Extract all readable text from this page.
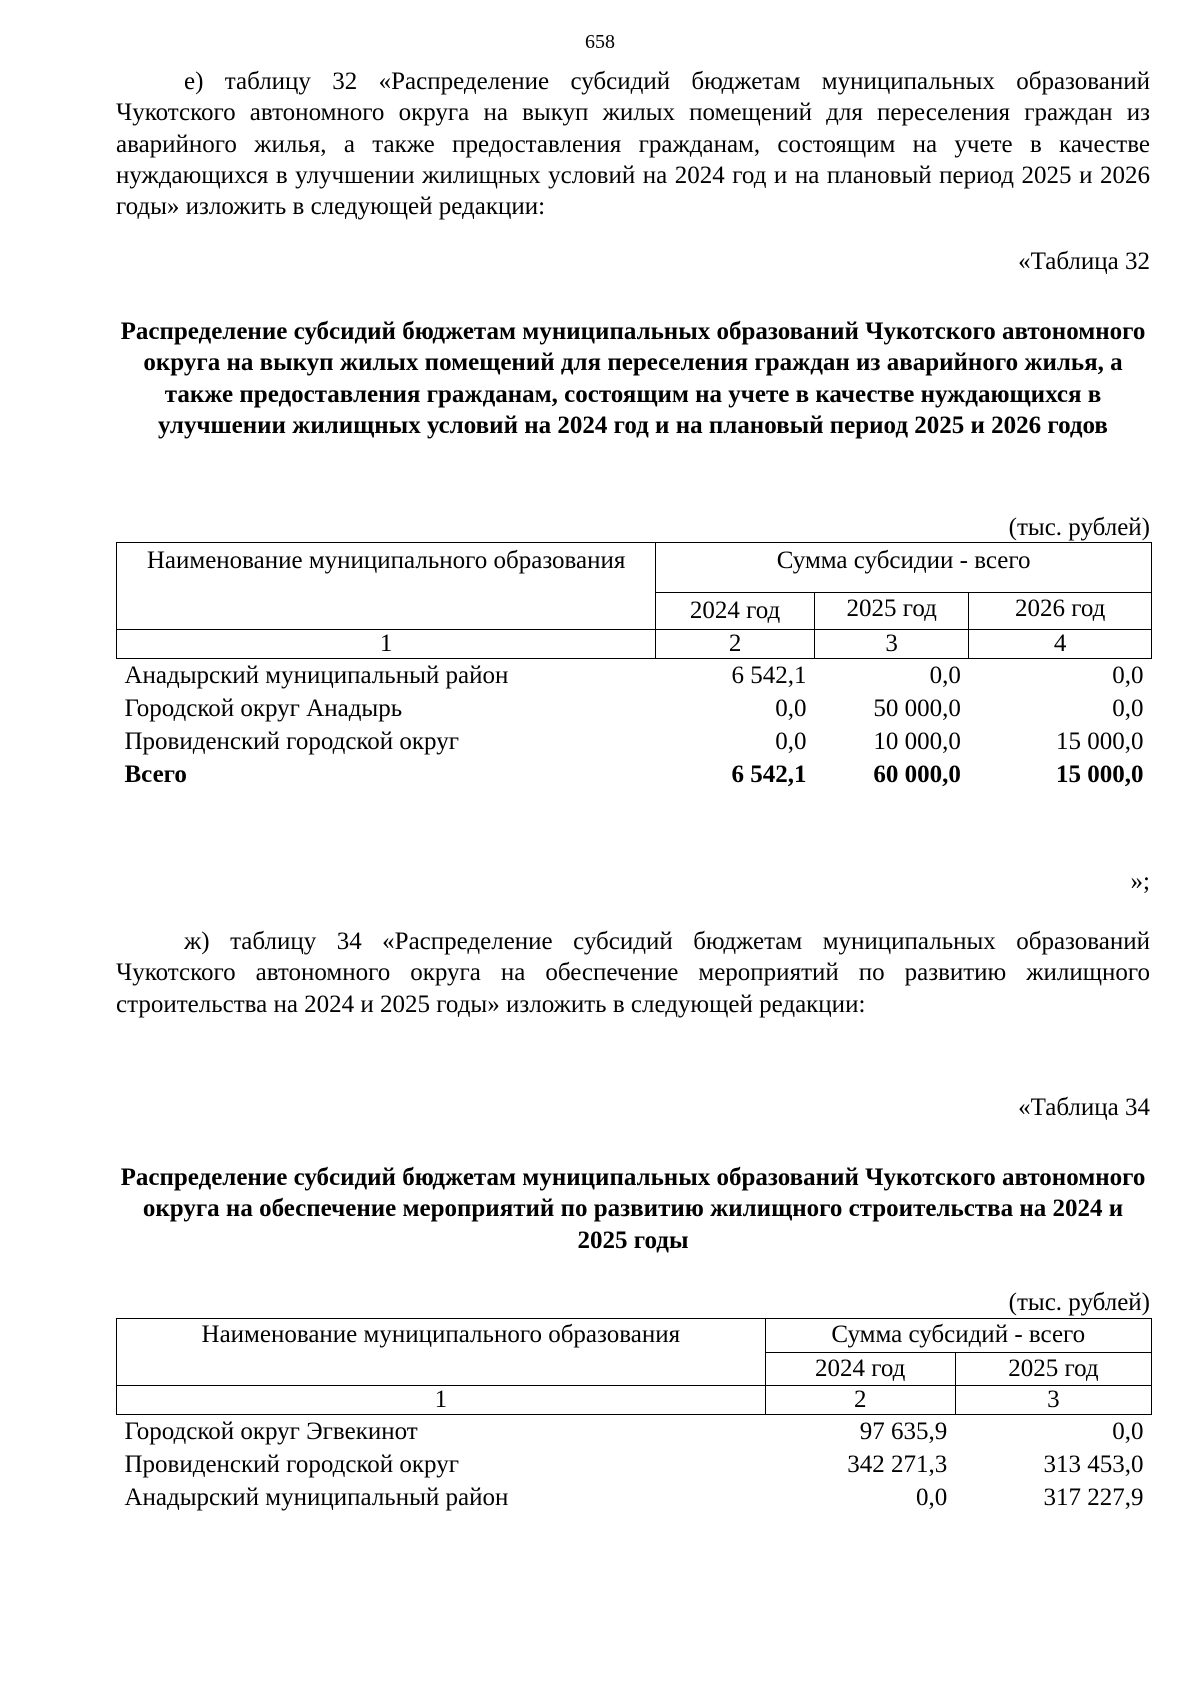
658
е) таблицу 32 «Распределение субсидий бюджетам муниципальных образований Чукотского автономного округа на выкуп жилых помещений для переселения граждан из аварийного жилья, а также предоставления гражданам, состоящим на учете в качестве нуждающихся в улучшении жилищных условий на 2024 год и на плановый период 2025 и 2026 годы» изложить в следующей редакции:
«Таблица 32
Распределение субсидий бюджетам муниципальных образований Чукотского автономного округа на выкуп жилых помещений для переселения граждан из аварийного жилья, а также предоставления гражданам, состоящим на учете в качестве нуждающихся в улучшении жилищных условий на 2024 год и на плановый период 2025 и 2026 годов
(тыс. рублей)
Наименование муниципального образования	Сумма субсидии - всего		
	2024 год	2025 год	2026 год
1	2	3	4
Анадырский муниципальный район	6 542,1	0,0	0,0
Городской округ Анадырь	0,0	50 000,0	0,0
Провиденский городской округ	0,0	10 000,0	15 000,0
Всего	6 542,1	60 000,0	15 000,0
»;
ж) таблицу 34 «Распределение субсидий бюджетам муниципальных образований Чукотского автономного округа на обеспечение мероприятий по развитию жилищного строительства на 2024 и 2025 годы» изложить в следующей редакции:
«Таблица 34
Распределение субсидий бюджетам муниципальных образований Чукотского автономного округа на обеспечение мероприятий по развитию жилищного строительства на 2024 и 2025 годы
(тыс. рублей)
Наименование муниципального образования	Сумма субсидий - всего	
	2024 год	2025 год
1	2	3
Городской округ Эгвекинот	97 635,9	0,0
Провиденский городской округ	342 271,3	313 453,0
Анадырский муниципальный район	0,0	317 227,9
